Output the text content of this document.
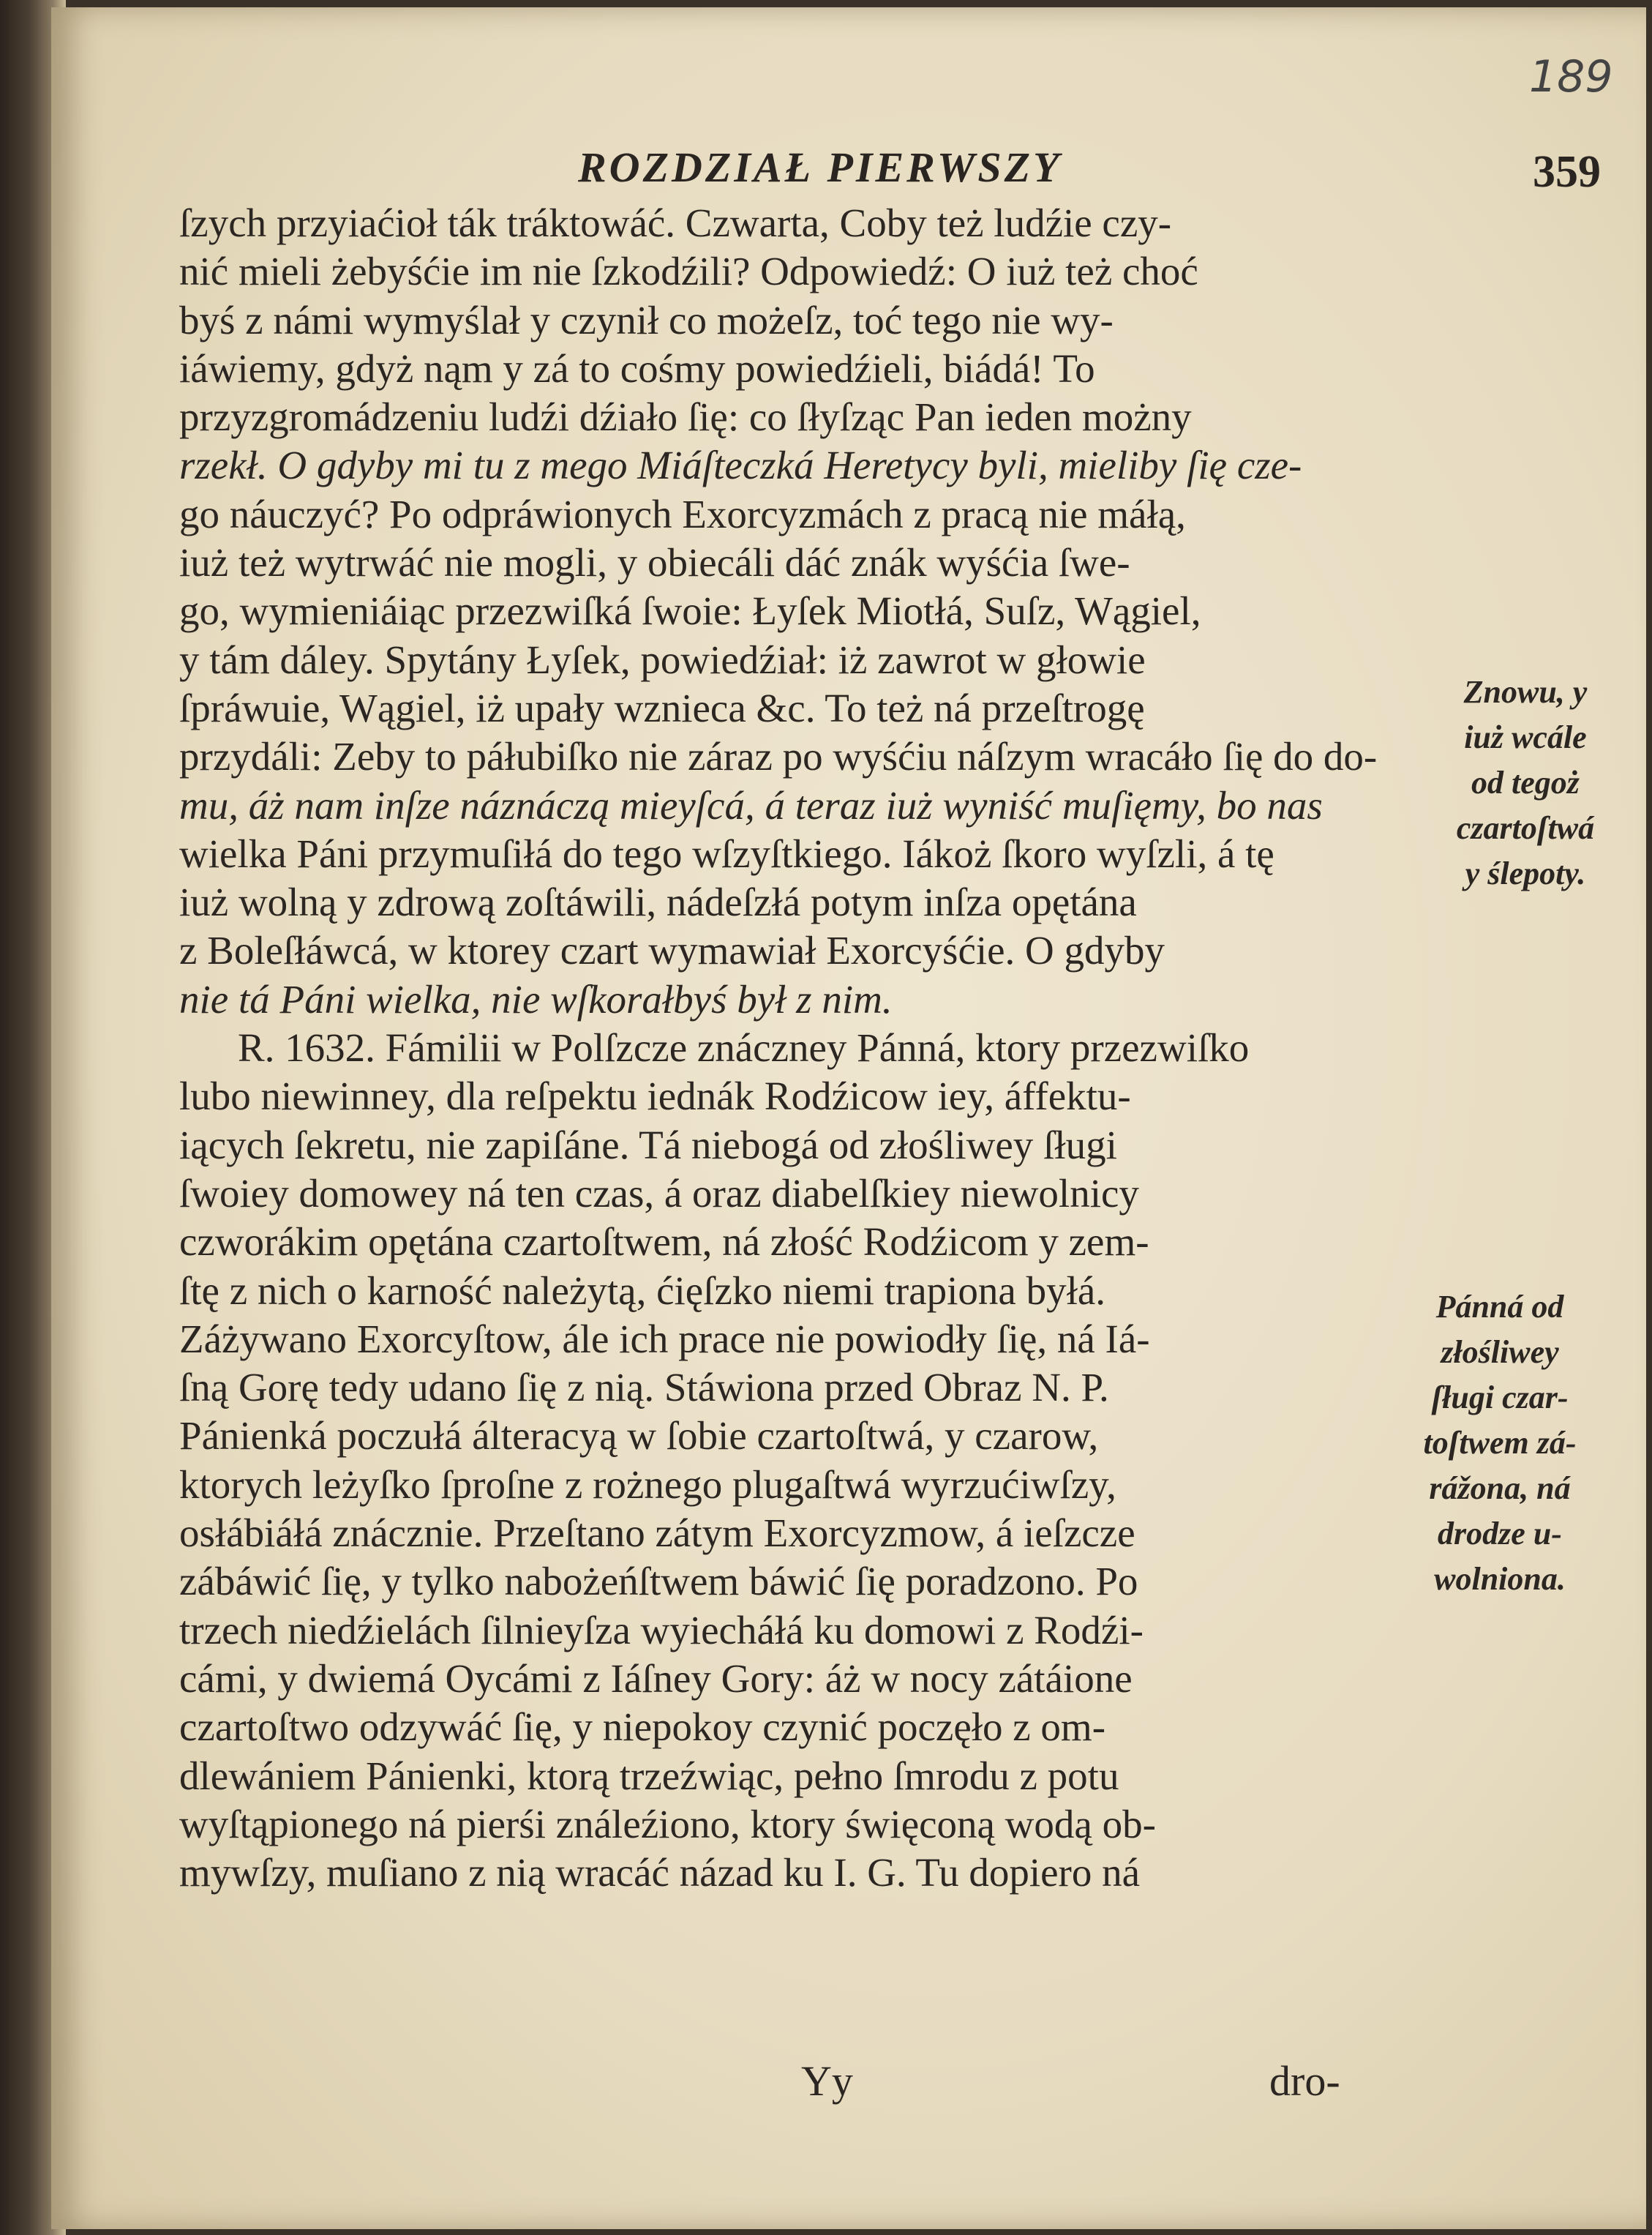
189
ROZDZIAŁ PIERWSZY	359
ſzych przyiaćioł ták tráktowáć. Czwarta, Coby też ludźie czy-
nić mieli żebyśćie im nie ſzkodźili? Odpowiedź: O iuż też choć
byś z námi wymyślał y czynił co możeſz, toć tego nie wy-
iáwiemy, gdyż nąm y zá to cośmy powiedźieli, biádá! To
przyzgromádzeniu ludźi dźiało ſię: co ſłyſząc Pan ieden możny
rzekł. O gdyby mi tu z mego Miáſteczká Heretycy byli, mieliby ſię cze-
go náuczyć? Po odpráwionych Exorcyzmách z pracą nie máłą,
iuż też wytrwáć nie mogli, y obiecáli dáć znák wyśćia ſwe-
go, wymieniáiąc przezwiſká ſwoie: Łyſek Miotłá, Suſz, Wągiel,
y tám dáley. Spytány Łyſek, powiedźiał: iż zawrot w głowie
ſpráwuie, Wągiel, iż upały wznieca &c. To też ná przeſtrogę
przydáli: Zeby to páłubiſko nie záraz po wyśćiu náſzym wracáło ſię do do-
mu, áż nam inſze náznáczą mieyſcá, á teraz iuż wyniść muſięmy, bo nas
wielka Páni przymuſiłá do tego wſzyſtkiego. Iákoż ſkoro wyſzli, á tę
iuż wolną y zdrową zoſtáwili, nádeſzłá potym inſza opętána
z Boleſłáwcá, w ktorey czart wymawiał Exorcyśćie. O gdyby
nie tá Páni wielka, nie wſkorałbyś był z nim.
R. 1632. Fámilii w Polſzcze znáczney Pánná, ktory przezwiſko
lubo niewinney, dla reſpektu iednák Rodźicow iey, áffektu-
iących ſekretu, nie zapiſáne. Tá niebogá od złośliwey ſługi
ſwoiey domowey ná ten czas, á oraz diabelſkiey niewolnicy
czworákim opętána czartoſtwem, ná złość Rodźicom y zem-
ſtę z nich o karność należytą, ćięſzko niemi trapiona byłá.
Záżywano Exorcyſtow, ále ich prace nie powiodły ſię, ná Iá-
ſną Gorę tedy udano ſię z nią. Stáwiona przed Obraz N. P.
Pánienká poczułá álteracyą w ſobie czartoſtwá, y czarow,
ktorych leżyſko ſproſne z rożnego plugaſtwá wyrzućiwſzy,
osłábiáłá znácznie. Przeſtano zátym Exorcyzmow, á ieſzcze
zábáwić ſię, y tylko nabożeńſtwem báwić ſię poradzono. Po
trzech niedźielách ſilnieyſza wyiecháłá ku domowi z Rodźi-
cámi, y dwiemá Oycámi z Iáſney Gory: áż w nocy zátáione
czartoſtwo odzywáć ſię, y niepokoy czynić poczęło z om-
dlewániem Pánienki, ktorą trzeźwiąc, pełno ſmrodu z potu
wyſtąpionego ná pierśi ználeźiono, ktory święconą wodą ob-
mywſzy, muſiano z nią wracáć názad ku I. G. Tu dopiero ná
Znowu, y
iuż wcále
od tegoż
czartoſtwá
y ślepoty.
Pánná od
złośliwey
ſługi czar-
toſtwem zá-
rážona, ná
drodze u-
wolniona.
Yy	dro-
